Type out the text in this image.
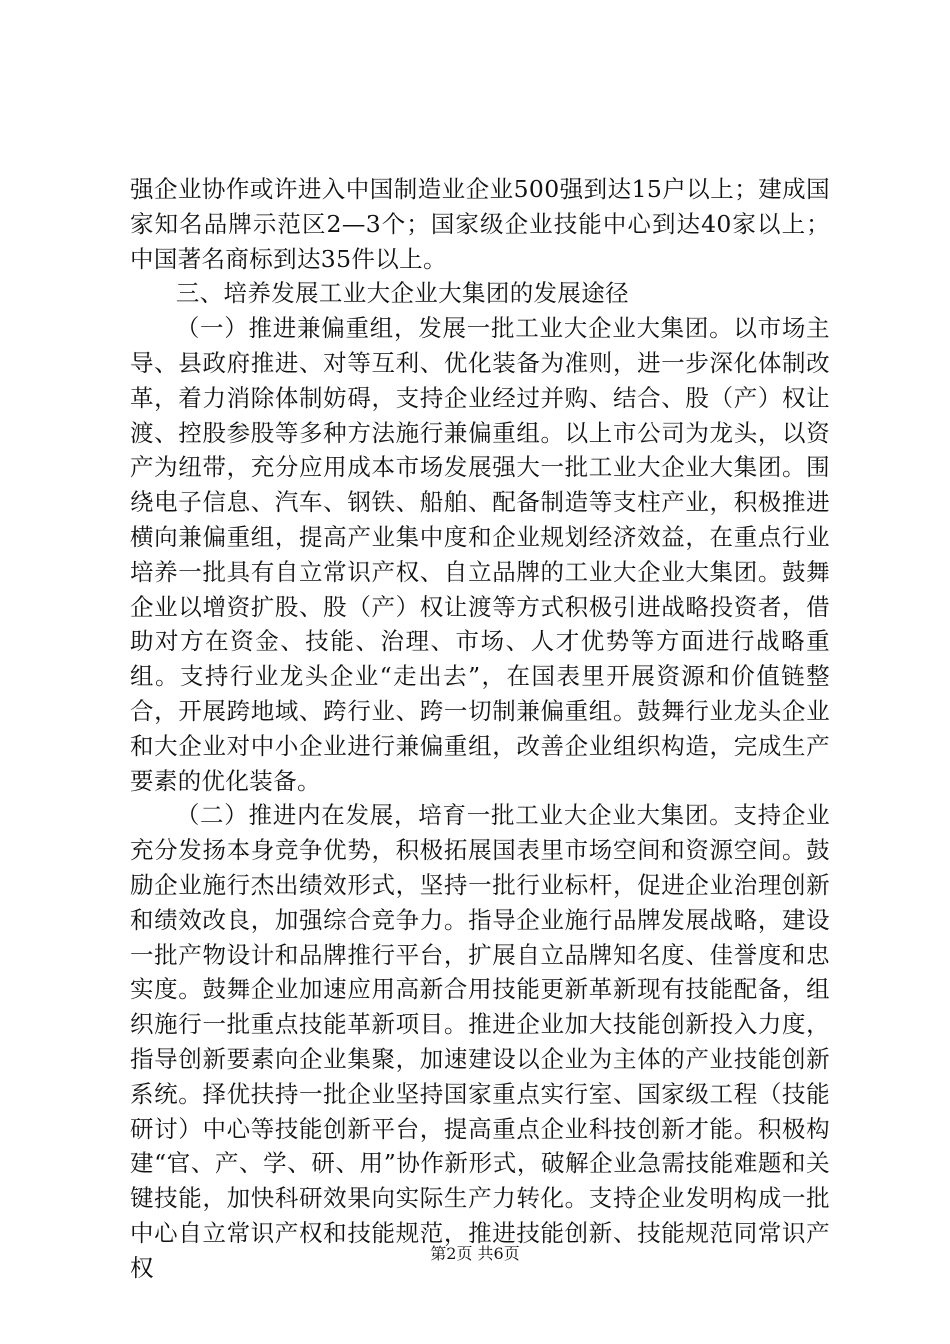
强企业协作或许进入中国制造业企业500强到达15户以上；建成国家知名品牌示范区2—3个；国家级企业技能中心到达40家以上；中国著名商标到达35件以上。

三、培养发展工业大企业大集团的发展途径

（一）推进兼偏重组，发展一批工业大企业大集团。以市场主导、县政府推进、对等互利、优化装备为准则，进一步深化体制改革，着力消除体制妨碍，支持企业经过并购、结合、股（产）权让渡、控股参股等多种方法施行兼偏重组。以上市公司为龙头，以资产为纽带，充分应用成本市场发展强大一批工业大企业大集团。围绕电子信息、汽车、钢铁、船舶、配备制造等支柱产业，积极推进横向兼偏重组，提高产业集中度和企业规划经济效益，在重点行业培养一批具有自立常识产权、自立品牌的工业大企业大集团。鼓舞企业以增资扩股、股（产）权让渡等方式积极引进战略投资者，借助对方在资金、技能、治理、市场、人才优势等方面进行战略重组。支持行业龙头企业“走出去”，在国表里开展资源和价值链整合，开展跨地域、跨行业、跨一切制兼偏重组。鼓舞行业龙头企业和大企业对中小企业进行兼偏重组，改善企业组织构造，完成生产要素的优化装备。

（二）推进内在发展，培育一批工业大企业大集团。支持企业充分发扬本身竞争优势，积极拓展国表里市场空间和资源空间。鼓励企业施行杰出绩效形式，坚持一批行业标杆，促进企业治理创新和绩效改良，加强综合竞争力。指导企业施行品牌发展战略，建设一批产物设计和品牌推行平台，扩展自立品牌知名度、佳誉度和忠实度。鼓舞企业加速应用高新合用技能更新革新现有技能配备，组织施行一批重点技能革新项目。推进企业加大技能创新投入力度，指导创新要素向企业集聚，加速建设以企业为主体的产业技能创新系统。择优扶持一批企业坚持国家重点实行室、国家级工程（技能研讨）中心等技能创新平台，提高重点企业科技创新才能。积极构建“官、产、学、研、用”协作新形式，破解企业急需技能难题和关键技能，加快科研效果向实际生产力转化。支持企业发明构成一批中心自立常识产权和技能规范，推进技能创新、技能规范同常识产权

第2页 共6页
